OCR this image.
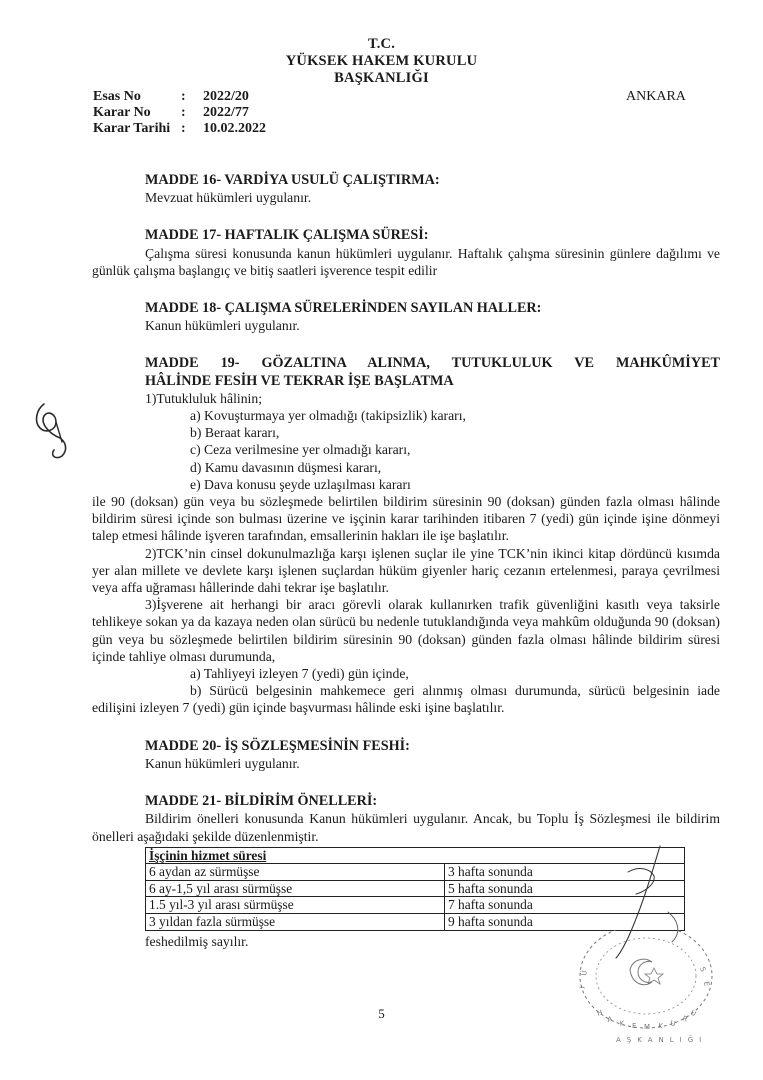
T.C.
YÜKSEK HAKEM KURULU
BAŞKANLIĞI
Esas No	:	2022/20
Karar No	:	2022/77
Karar Tarihi :	10.02.2022
ANKARA
MADDE 16- VARDİYA USULÜ ÇALIŞTIRMA:
Mevzuat hükümleri uygulanır.
MADDE 17- HAFTALIK ÇALIŞMA SÜRESİ:

Çalışma süresi konusunda kanun hükümleri uygulanır. Haftalık çalışma süresinin günlere dağılımı ve günlük çalışma başlangıç ve bitiş saatleri işverence tespit edilir

MADDE 18- ÇALIŞMA SÜRELERİNDEN SAYILAN HALLER:
Kanun hükümleri uygulanır.
MADDE 19- GÖZALTINA ALINMA, TUTUKLULUK VE MAHKÛMİYET
HÂLİNDE FESİH VE TEKRAR İŞE BAŞLATMA
1)Tutukluluk hâlinin;
a) Kovuşturmaya yer olmadığı (takipsizlik) kararı,
b) Beraat kararı,
c) Ceza verilmesine yer olmadığı kararı,
d) Kamu davasının düşmesi kararı,
e) Dava konusu şeyde uzlaşılması kararı

ile 90 (doksan) gün veya bu sözleşmede belirtilen bildirim süresinin 90 (doksan) günden fazla olması hâlinde bildirim süresi içinde son bulması üzerine ve işçinin karar tarihinden itibaren 7 (yedi) gün içinde işine dönmeyi talep etmesi hâlinde işveren tarafından, emsallerinin hakları ile işe başlatılır.

2)TCK’nin cinsel dokunulmazlığa karşı işlenen suçlar ile yine TCK’nin ikinci kitap dördüncü kısımda yer alan millete ve devlete karşı işlenen suçlardan hüküm giyenler hariç cezanın ertelenmesi, paraya çevrilmesi veya affa uğraması hâllerinde dahi tekrar işe başlatılır.

3)İşverene ait herhangi bir aracı görevli olarak kullanırken trafik güvenliğini kasıtlı veya taksirle tehlikeye sokan ya da kazaya neden olan sürücü bu nedenle tutuklandığında veya mahkûm olduğunda 90 (doksan) gün veya bu sözleşmede belirtilen bildirim süresinin 90 (doksan) günden fazla olması hâlinde bildirim süresi içinde tahliye olması durumunda,

a) Tahliyeyi izleyen 7 (yedi) gün içinde,

b) Sürücü belgesinin mahkemece geri alınmış olması durumunda, sürücü belgesinin iade edilişini izleyen 7 (yedi) gün içinde başvurması hâlinde eski işine başlatılır.

MADDE 20- İŞ SÖZLEŞMESİNİN FESHİ:
Kanun hükümleri uygulanır.
MADDE 21- BİLDİRİM ÖNELLERİ:

Bildirim önelleri konusunda Kanun hükümleri uygulanır. Ancak, bu Toplu İş Sözleşmesi ile bildirim önelleri aşağıdaki şekilde düzenlenmiştir.

İşçinin hizmet süresi	
6 aydan az sürmüşse	3 hafta sonunda
6 ay-1,5 yıl arası sürmüşse	5 hafta sonunda
1.5 yıl-3 yıl arası sürmüşse	7 hafta sonunda
3 yıldan fazla sürmüşse	9 hafta sonunda
feshedilmiş sayılır.
5	H
A K E M K U
R
U
Y
Ü
S
E
AŞKANLIĞI
